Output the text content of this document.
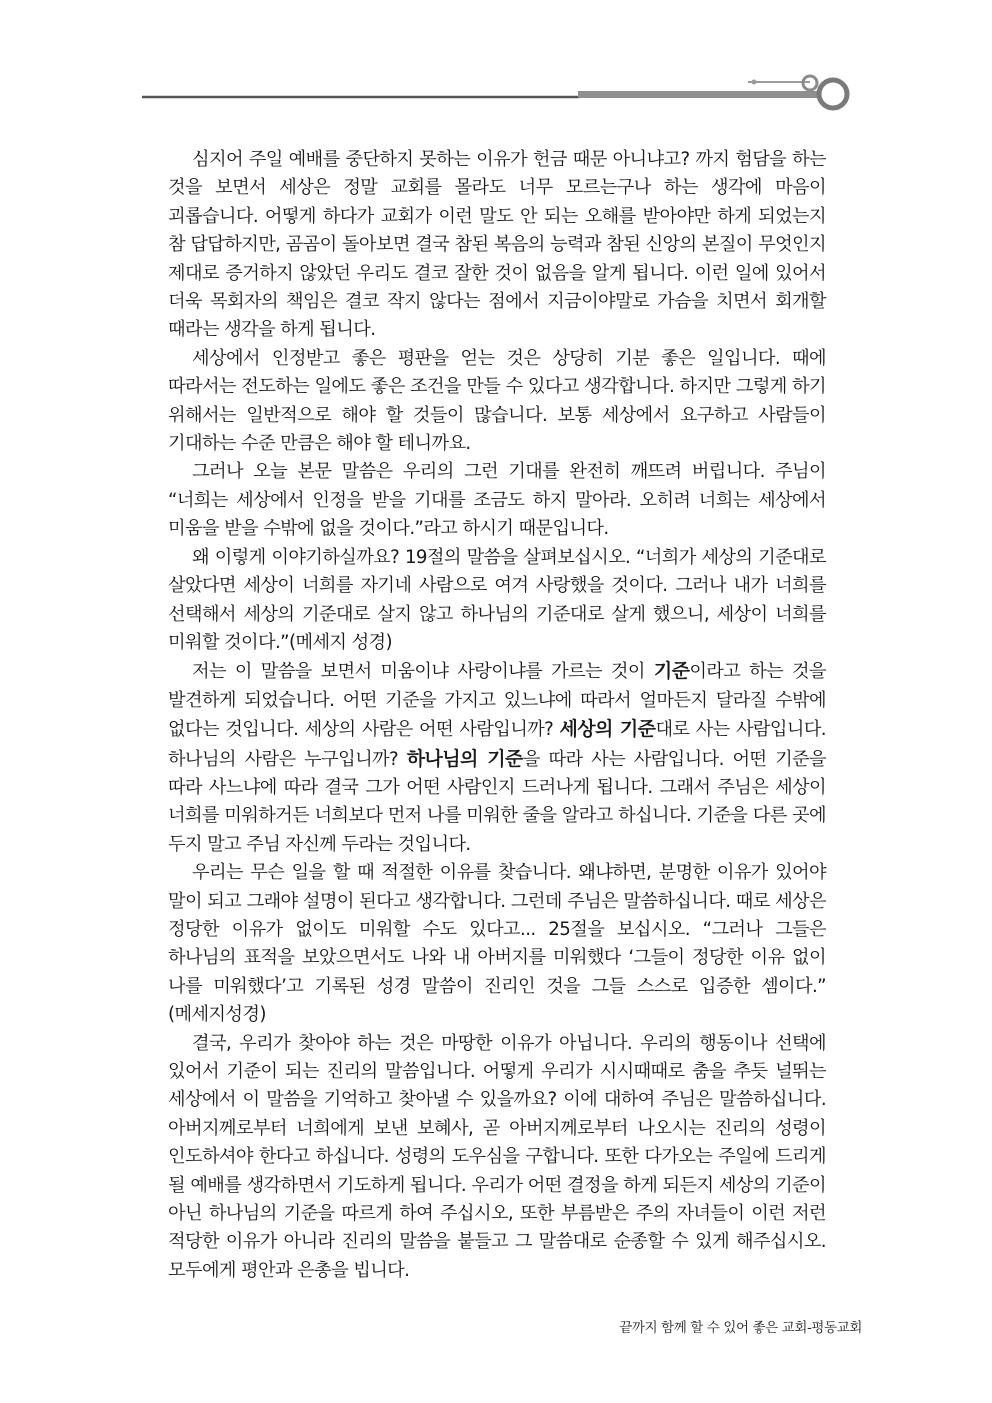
심지어 주일 예배를 중단하지 못하는 이유가 헌금 때문 아니냐고? 까지 험담을 하는 것을 보면서 세상은 정말 교회를 몰라도 너무 모르는구나 하는 생각에 마음이 괴롭습니다. 어떻게 하다가 교회가 이런 말도 안 되는 오해를 받아야만 하게 되었는지 참 답답하지만, 곰곰이 돌아보면 결국 참된 복음의 능력과 참된 신앙의 본질이 무엇인지 제대로 증거하지 않았던 우리도 결코 잘한 것이 없음을 알게 됩니다. 이런 일에 있어서 더욱 목회자의 책임은 결코 작지 않다는 점에서 지금이야말로 가슴을 치면서 회개할 때라는 생각을 하게 됩니다.

세상에서 인정받고 좋은 평판을 얻는 것은 상당히 기분 좋은 일입니다. 때에 따라서는 전도하는 일에도 좋은 조건을 만들 수 있다고 생각합니다. 하지만 그렇게 하기 위해서는 일반적으로 해야 할 것들이 많습니다. 보통 세상에서 요구하고 사람들이 기대하는 수준 만큼은 해야 할 테니까요.

그러나 오늘 본문 말씀은 우리의 그런 기대를 완전히 깨뜨려 버립니다. 주님이 “너희는 세상에서 인정을 받을 기대를 조금도 하지 말아라. 오히려 너희는 세상에서 미움을 받을 수밖에 없을 것이다.”라고 하시기 때문입니다.

왜 이렇게 이야기하실까요? 19절의 말씀을 살펴보십시오. “너희가 세상의 기준대로 살았다면 세상이 너희를 자기네 사람으로 여겨 사랑했을 것이다. 그러나 내가 너희를 선택해서 세상의 기준대로 살지 않고 하나님의 기준대로 살게 했으니, 세상이 너희를 미워할 것이다.”(메세지 성경)

저는 이 말씀을 보면서 미움이냐 사랑이냐를 가르는 것이 기준이라고 하는 것을 발견하게 되었습니다. 어떤 기준을 가지고 있느냐에 따라서 얼마든지 달라질 수밖에 없다는 것입니다. 세상의 사람은 어떤 사람입니까? 세상의 기준대로 사는 사람입니다. 하나님의 사람은 누구입니까? 하나님의 기준을 따라 사는 사람입니다. 어떤 기준을 따라 사느냐에 따라 결국 그가 어떤 사람인지 드러나게 됩니다. 그래서 주님은 세상이 너희를 미워하거든 너희보다 먼저 나를 미워한 줄을 알라고 하십니다. 기준을 다른 곳에 두지 말고 주님 자신께 두라는 것입니다.

우리는 무슨 일을 할 때 적절한 이유를 찾습니다. 왜냐하면, 분명한 이유가 있어야 말이 되고 그래야 설명이 된다고 생각합니다. 그런데 주님은 말씀하십니다. 때로 세상은 정당한 이유가 없이도 미워할 수도 있다고... 25절을 보십시오. “그러나 그들은 하나님의 표적을 보았으면서도 나와 내 아버지를 미워했다 ‘그들이 정당한 이유 없이 나를 미워했다’고 기록된 성경 말씀이 진리인 것을 그들 스스로 입증한 셈이다.” (메세지성경)

결국, 우리가 찾아야 하는 것은 마땅한 이유가 아닙니다. 우리의 행동이나 선택에 있어서 기준이 되는 진리의 말씀입니다. 어떻게 우리가 시시때때로 춤을 추듯 널뛰는 세상에서 이 말씀을 기억하고 찾아낼 수 있을까요? 이에 대하여 주님은 말씀하십니다. 아버지께로부터 너희에게 보낸 보혜사, 곧 아버지께로부터 나오시는 진리의 성령이 인도하셔야 한다고 하십니다. 성령의 도우심을 구합니다. 또한 다가오는 주일에 드리게 될 예배를 생각하면서 기도하게 됩니다. 우리가 어떤 결정을 하게 되든지 세상의 기준이 아닌 하나님의 기준을 따르게 하여 주십시오, 또한 부름받은 주의 자녀들이 이런 저런 적당한 이유가 아니라 진리의 말씀을 붙들고 그 말씀대로 순종할 수 있게 해주십시오. 모두에게 평안과 은총을 빕니다.

끝까지 함께 할 수 있어 좋은 교회-평동교회
